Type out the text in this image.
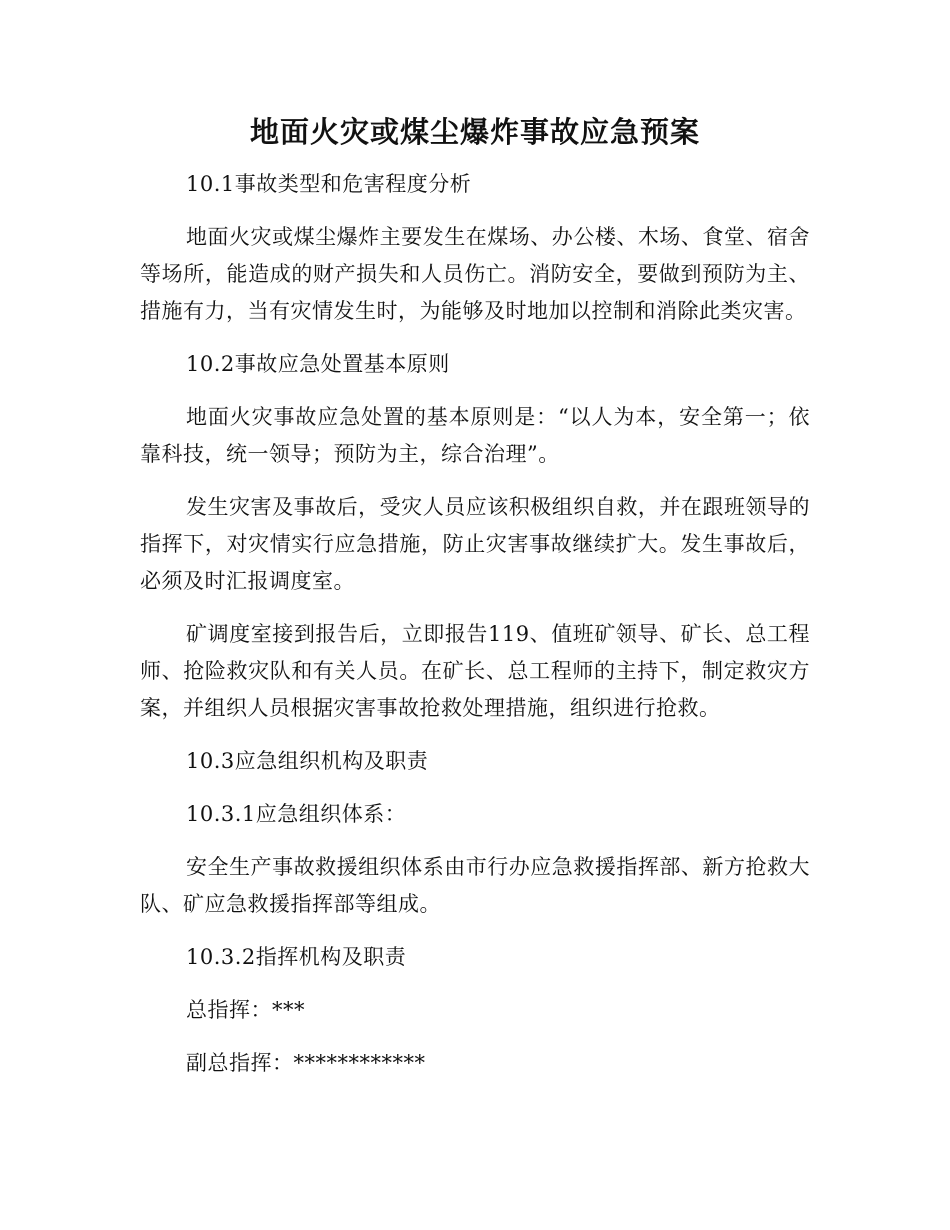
地面火灾或煤尘爆炸事故应急预案
10.1事故类型和危害程度分析
地面火灾或煤尘爆炸主要发生在煤场、办公楼、木场、食堂、宿舍等场所，能造成的财产损失和人员伤亡。消防安全，要做到预防为主、措施有力，当有灾情发生时，为能够及时地加以控制和消除此类灾害。
10.2事故应急处置基本原则
地面火灾事故应急处置的基本原则是：“以人为本，安全第一；依靠科技，统一领导；预防为主，综合治理”。
发生灾害及事故后，受灾人员应该积极组织自救，并在跟班领导的指挥下，对灾情实行应急措施，防止灾害事故继续扩大。发生事故后，必须及时汇报调度室。
矿调度室接到报告后，立即报告119、值班矿领导、矿长、总工程师、抢险救灾队和有关人员。在矿长、总工程师的主持下，制定救灾方案，并组织人员根据灾害事故抢救处理措施，组织进行抢救。
10.3应急组织机构及职责
10.3.1应急组织体系：
安全生产事故救援组织体系由市行办应急救援指挥部、新方抢救大队、矿应急救援指挥部等组成。
10.3.2指挥机构及职责
总指挥：***
副总指挥：************
